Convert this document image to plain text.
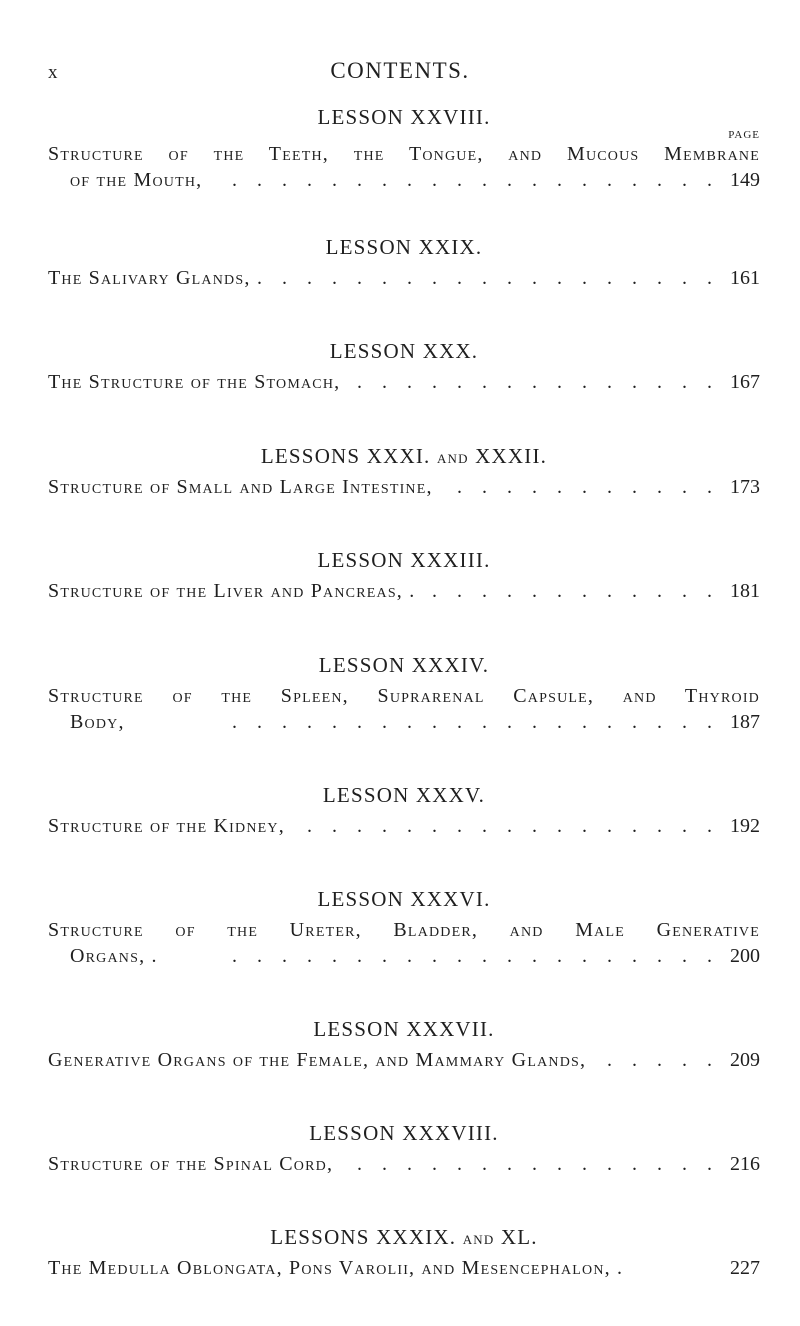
x	CONTENTS.
LESSON XXVIII.
PAGE
Structure of the Teeth, the Tongue, and Mucous Membrane
of the Mouth, .	149
LESSON XXIX.
The Salivary Glands, .	161
LESSON XXX.
The Structure of the Stomach, .	167
LESSONS XXXI. and XXXII.
Structure of Small and Large Intestine, .	173
LESSON XXXIII.
Structure of the Liver and Pancreas, . .	181
LESSON XXXIV.
Structure of the Spleen, Suprarenal Capsule, and Thyroid
Body, .	187
LESSON XXXV.
Structure of the Kidney, .	192
LESSON XXXVI.
Structure of the Ureter, Bladder, and Male Generative
Organs, . .	200
LESSON XXXVII.
Generative Organs of the Female, and Mammary Glands, .	209
LESSON XXXVIII.
Structure of the Spinal Cord, .	216
LESSONS XXXIX. and XL.
The Medulla Oblongata, Pons Varolii, and Mesencephalon, .	227
